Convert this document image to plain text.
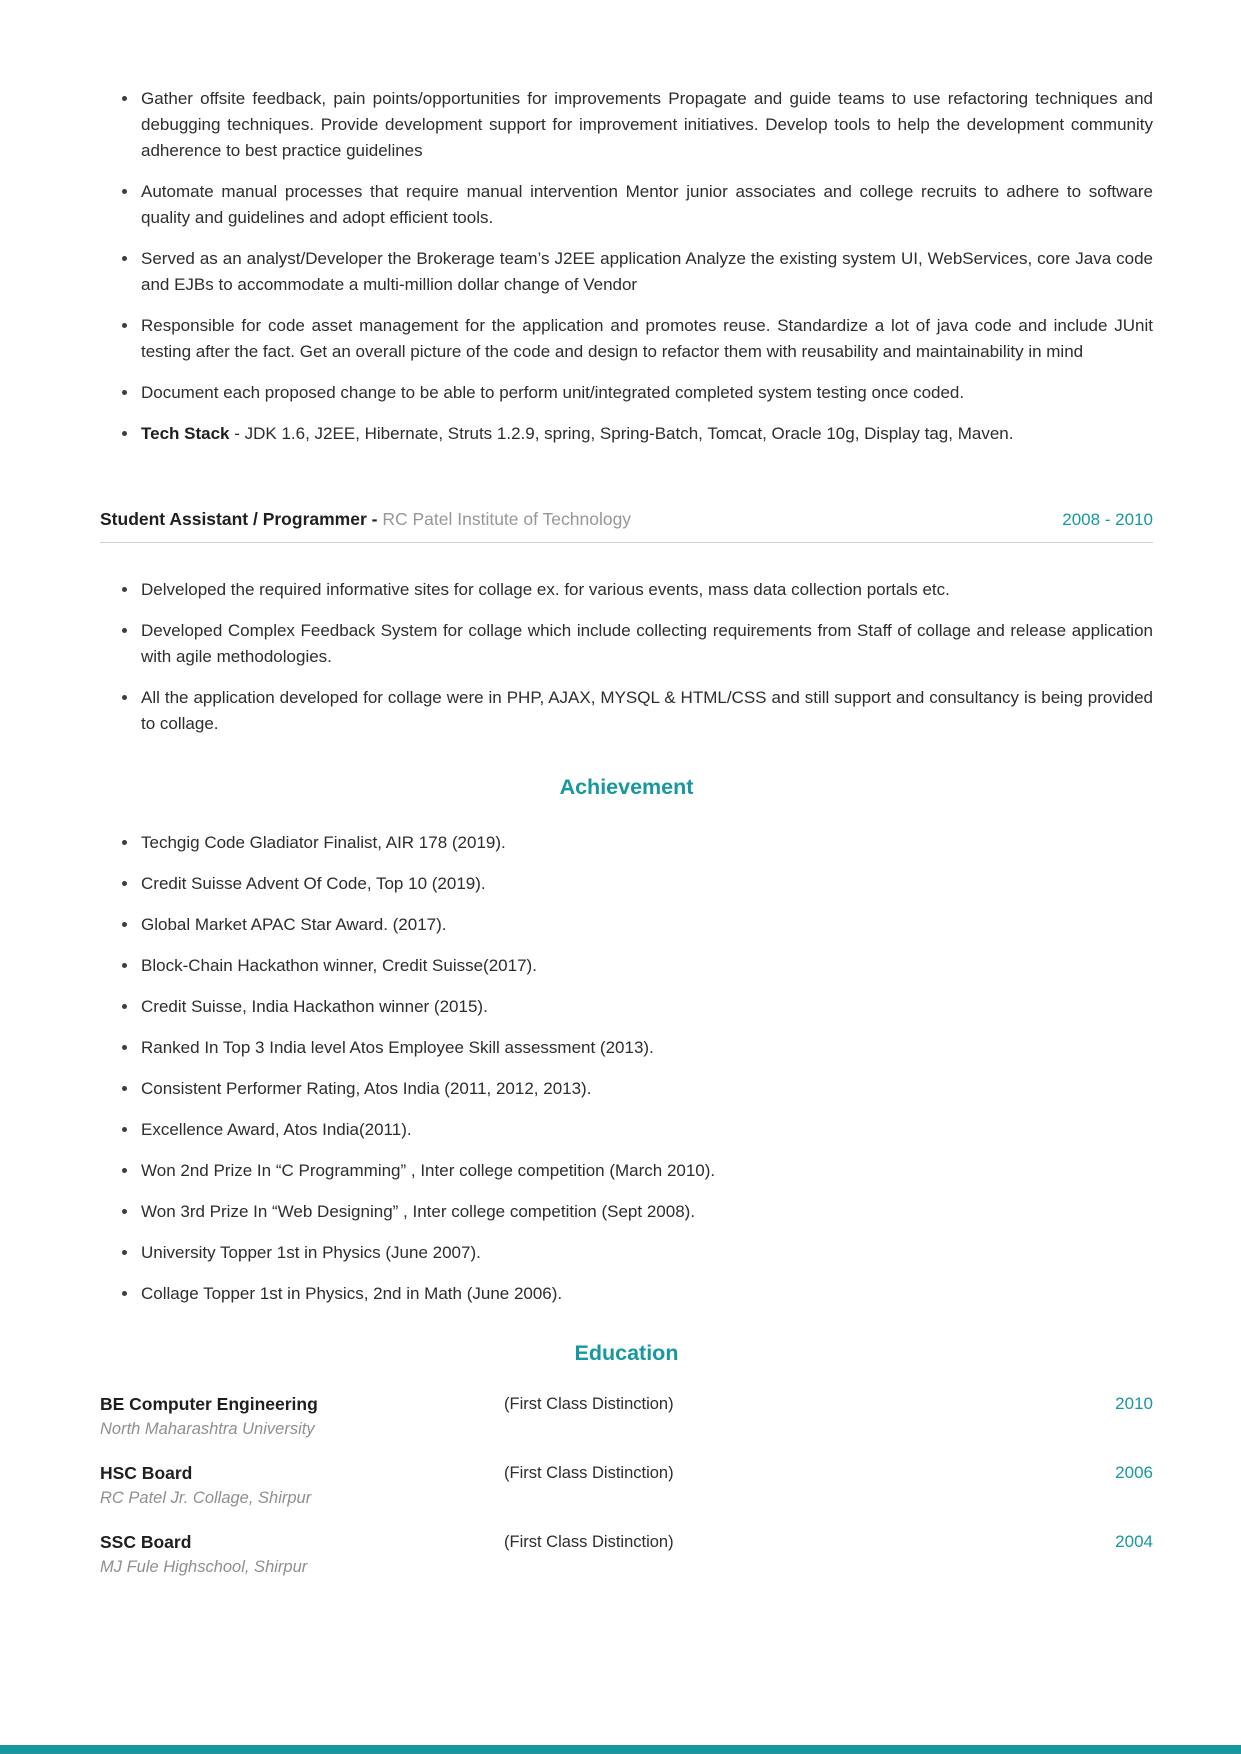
Gather offsite feedback, pain points/opportunities for improvements Propagate and guide teams to use refactoring techniques and debugging techniques. Provide development support for improvement initiatives. Develop tools to help the development community adherence to best practice guidelines

Automate manual processes that require manual intervention Mentor junior associates and college recruits to adhere to software quality and guidelines and adopt efficient tools.

Served as an analyst/Developer the Brokerage team’s J2EE application Analyze the existing system UI, WebServices, core Java code and EJBs to accommodate a multi-million dollar change of Vendor

Responsible for code asset management for the application and promotes reuse. Standardize a lot of java code and include JUnit testing after the fact. Get an overall picture of the code and design to refactor them with reusability and maintainability in mind

Document each proposed change to be able to perform unit/integrated completed system testing once coded.

Tech Stack - JDK 1.6, J2EE, Hibernate, Struts 1.2.9, spring, Spring-Batch, Tomcat, Oracle 10g, Display tag, Maven.

Student Assistant / Programmer - RC Patel Institute of Technology	2008 - 2010

Delveloped the required informative sites for collage ex. for various events, mass data collection portals etc.

Developed Complex Feedback System for collage which include collecting requirements from Staff of collage and release application with agile methodologies.

All the application developed for collage were in PHP, AJAX, MYSQL & HTML/CSS and still support and consultancy is being provided to collage.

Achievement

Techgig Code Gladiator Finalist, AIR 178 (2019).

Credit Suisse Advent Of Code, Top 10 (2019).

Global Market APAC Star Award. (2017).

Block-Chain Hackathon winner, Credit Suisse(2017).

Credit Suisse, India Hackathon winner (2015).

Ranked In Top 3 India level Atos Employee Skill assessment (2013).

Consistent Performer Rating, Atos India (2011, 2012, 2013).

Excellence Award, Atos India(2011).

Won 2nd Prize In “C Programming” , Inter college competition (March 2010).

Won 3rd Prize In “Web Designing” , Inter college competition (Sept 2008).

University Topper 1st in Physics (June 2007).

Collage Topper 1st in Physics, 2nd in Math (June 2006).

Education
BE Computer Engineering
North Maharashtra University
(First Class Distinction)	2010
HSC Board
RC Patel Jr. Collage, Shirpur
(First Class Distinction)	2006
SSC Board
MJ Fule Highschool, Shirpur
(First Class Distinction)	2004
